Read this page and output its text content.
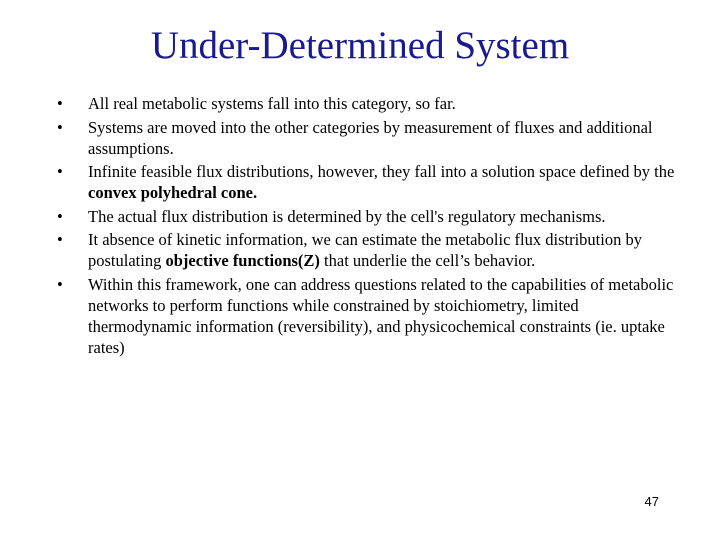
Under-Determined System
• All real metabolic systems fall into this category, so far.
• Systems are moved into the other categories by measurement of fluxes and additional assumptions.
• Infinite feasible flux distributions, however, they fall into a solution space defined by the convex polyhedral cone.
• The actual flux distribution is determined by the cell's regulatory mechanisms.
• It absence of kinetic information, we can estimate the metabolic flux distribution by postulating objective functions(Z) that underlie the cell’s behavior.
• Within this framework, one can address questions related to the capabilities of metabolic networks to perform functions while constrained by stoichiometry, limited thermodynamic information (reversibility), and physicochemical constraints (ie. uptake rates)
47
